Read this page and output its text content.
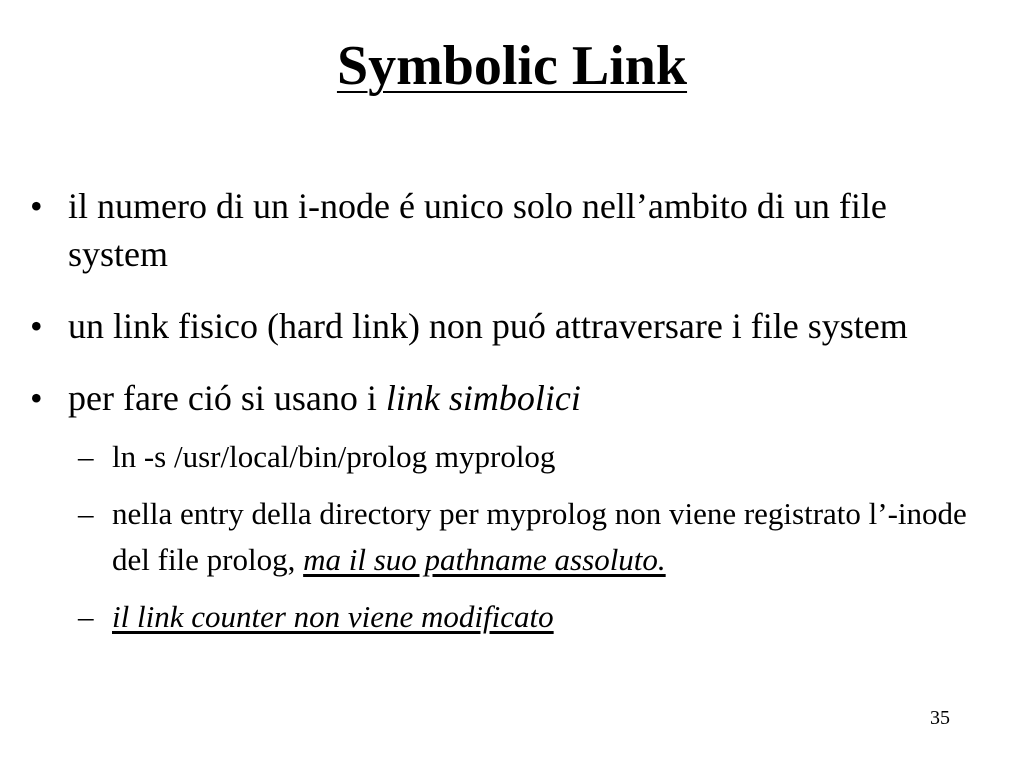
Symbolic Link
• il numero di un i-node é unico solo nell’ambito di un file system
• un link fisico (hard link) non puó attraversare i file system
• per fare ció si usano i link simbolici
– ln -s /usr/local/bin/prolog myprolog
– nella entry della directory per myprolog non viene registrato l’-inode del file prolog, ma il suo pathname assoluto.
– il link counter non viene modificato
35
